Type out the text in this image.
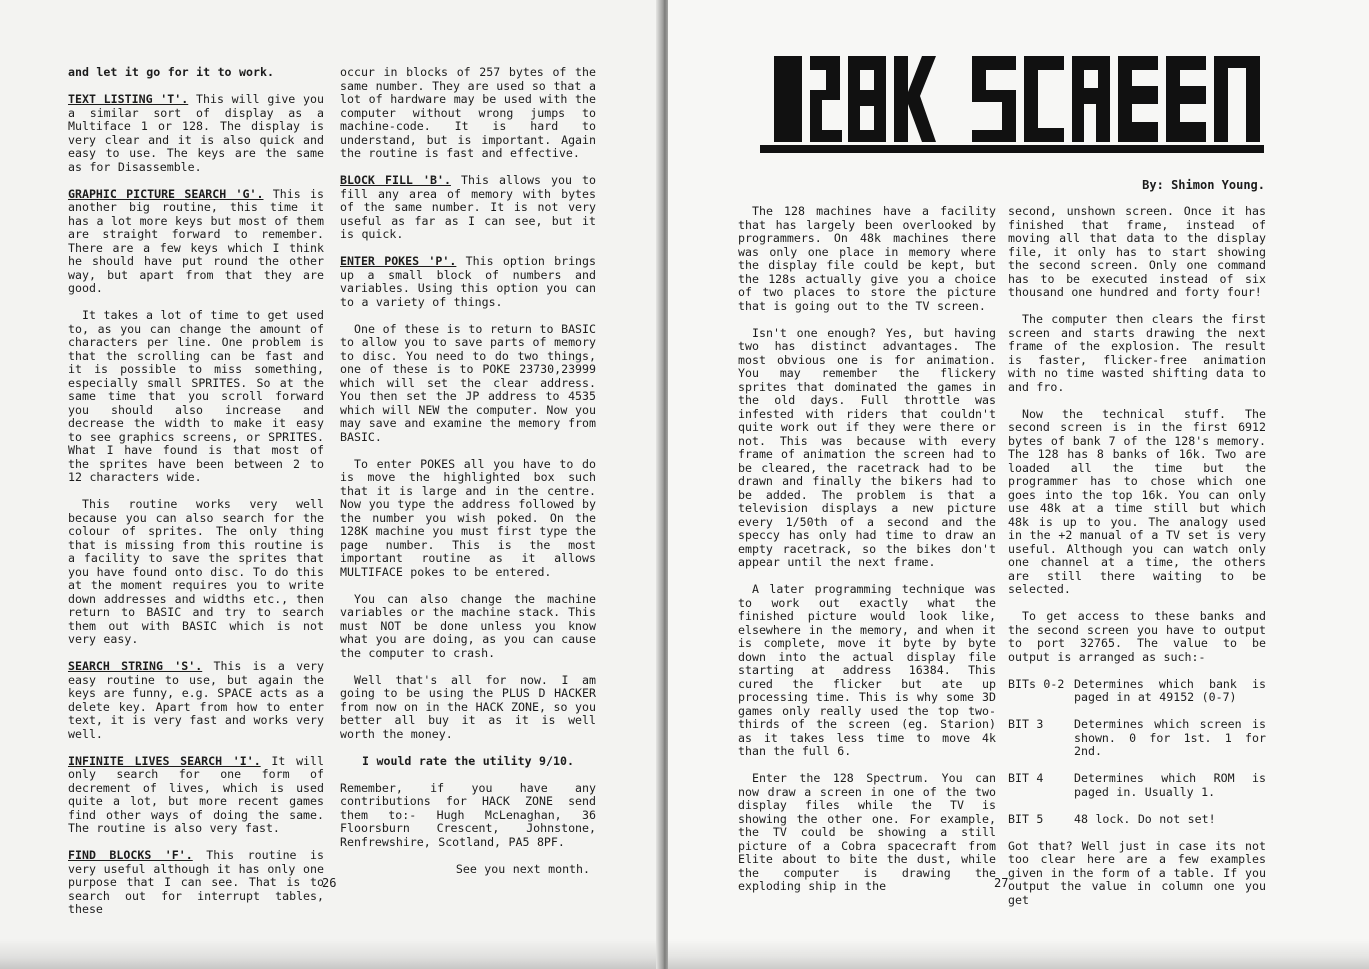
and let it go for it to work.

TEXT LISTING 'T'. This will give you a similar sort of display as a Multiface 1 or 128. The display is very clear and it is also quick and easy to use. The keys are the same as for Disassemble.

GRAPHIC PICTURE SEARCH 'G'. This is another big routine, this time it has a lot more keys but most of them are straight forward to remember. There are a few keys which I think he should have put round the other way, but apart from that they are good.

It takes a lot of time to get used to, as you can change the amount of characters per line. One problem is that the scrolling can be fast and it is possible to miss something, especially small SPRITES. So at the same time that you scroll forward you should also increase and decrease the width to make it easy to see graphics screens, or SPRITES. What I have found is that most of the sprites have been between 2 to 12 characters wide.

This routine works very well because you can also search for the colour of sprites. The only thing that is missing from this routine is a facility to save the sprites that you have found onto disc. To do this at the moment requires you to write down addresses and widths etc., then return to BASIC and try to search them out with BASIC which is not very easy.

SEARCH STRING 'S'. This is a very easy routine to use, but again the keys are funny, e.g. SPACE acts as a delete key. Apart from how to enter text, it is very fast and works very well.

INFINITE LIVES SEARCH 'I'. It will only search for one form of decrement of lives, which is used quite a lot, but more recent games find other ways of doing the same. The routine is also very fast.

FIND BLOCKS 'F'. This routine is very useful although it has only one purpose that I can see. That is to search out for interrupt tables, these

occur in blocks of 257 bytes of the same number. They are used so that a lot of hardware may be used with the computer without wrong jumps to machine-code. It is hard to understand, but is important. Again the routine is fast and effective.

BLOCK FILL 'B'. This allows you to fill any area of memory with bytes of the same number. It is not very useful as far as I can see, but it is quick.

ENTER POKES 'P'. This option brings up a small block of numbers and variables. Using this option you can to a variety of things.

One of these is to return to BASIC to allow you to save parts of memory to disc. You need to do two things, one of these is to POKE 23730,23999 which will set the clear address. You then set the JP address to 4535 which will NEW the computer. Now you may save and examine the memory from BASIC.

To enter POKES all you have to do is move the highlighted box such that it is large and in the centre. Now you type the address followed by the number you wish poked. On the 128K machine you must first type the page number. This is the most important routine as it allows MULTIFACE pokes to be entered.

You can also change the machine variables or the machine stack. This must NOT be done unless you know what you are doing, as you can cause the computer to crash.

Well that's all for now. I am going to be using the PLUS D HACKER from now on in the HACK ZONE, so you better all buy it as it is well worth the money.

I would rate the utility 9/10.

Remember, if you have any contributions for HACK ZONE send them to:- Hugh McLenaghan, 36 Floorsburn Crescent, Johnstone, Renfrewshire, Scotland, PA5 8PF.

See you next month.

26
By: Shimon Young.

The 128 machines have a facility that has largely been overlooked by programmers. On 48k machines there was only one place in memory where the display file could be kept, but the 128s actually give you a choice of two places to store the picture that is going out to the TV screen.

Isn't one enough? Yes, but having two has distinct advantages. The most obvious one is for animation. You may remember the flickery sprites that dominated the games in the old days. Full throttle was infested with riders that couldn't quite work out if they were there or not. This was because with every frame of animation the screen had to be cleared, the racetrack had to be drawn and finally the bikers had to be added. The problem is that a television displays a new picture every 1/50th of a second and the speccy has only had time to draw an empty racetrack, so the bikes don't appear until the next frame.

A later programming technique was to work out exactly what the finished picture would look like, elsewhere in the memory, and when it is complete, move it byte by byte down into the actual display file starting at address 16384. This cured the flicker but ate up processing time. This is why some 3D games only really used the top two-thirds of the screen (eg. Starion) as it takes less time to move 4k than the full 6.

Enter the 128 Spectrum. You can now draw a screen in one of the two display files while the TV is showing the other one. For example, the TV could be showing a still picture of a Cobra spacecraft from Elite about to bite the dust, while the computer is drawing the exploding ship in the

second, unshown screen. Once it has finished that frame, instead of moving all that data to the display file, it only has to start showing the second screen. Only one command has to be executed instead of six thousand one hundred and forty four!

The computer then clears the first screen and starts drawing the next frame of the explosion. The result is faster, flicker-free animation with no time wasted shifting data to and fro.

Now the technical stuff. The second screen is in the first 6912 bytes of bank 7 of the 128's memory. The 128 has 8 banks of 16k. Two are loaded all the time but the programmer has to chose which one goes into the top 16k. You can only use 48k at a time still but which 48k is up to you. The analogy used in the +2 manual of a TV set is very useful. Although you can watch only one channel at a time, the others are still there waiting to be selected.

To get access to these banks and the second screen you have to output to port 32765. The value to be output is arranged as such:-

BITs 0-2 Determines which bank is paged in at 49152 (0-7)
BIT 3	Determines which screen is shown. 0 for 1st. 1 for 2nd.
BIT 4	Determines which ROM is paged in. Usually 1.
BIT 5	48 lock. Do not set!

Got that? Well just in case its not too clear here are a few examples given in the form of a table. If you output the value in column one you get

27
